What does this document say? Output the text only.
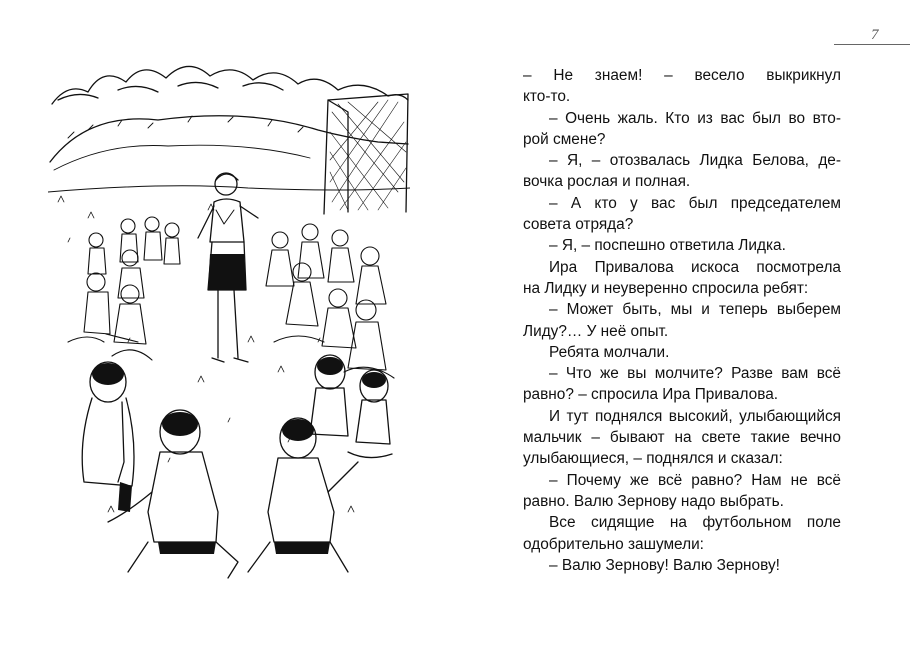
7

– Не знаем! – весело выкрикнул

кто-то.

– Очень жаль. Кто из вас был во вто-

рой смене?

– Я, – отозвалась Лидка Белова, де-

вочка рослая и полная.

– А кто у вас был председателем

совета отряда?

– Я, – поспешно ответила Лидка.

Ира Привалова искоса посмотрела

на Лидку и неуверенно спросила ребят:

– Может быть, мы и теперь выберем

Лиду?… У неё опыт.

Ребята молчали.

– Что же вы молчите? Разве вам всё

равно? – спросила Ира Привалова.

И тут поднялся высокий, улыбающийся

мальчик – бывают на свете такие вечно

улыбающиеся, – поднялся и сказал:

– Почему же всё равно? Нам не всё

равно. Валю Зернову надо выбрать.

Все сидящие на футбольном поле

одобрительно зашумели:

– Валю Зернову! Валю Зернову!
